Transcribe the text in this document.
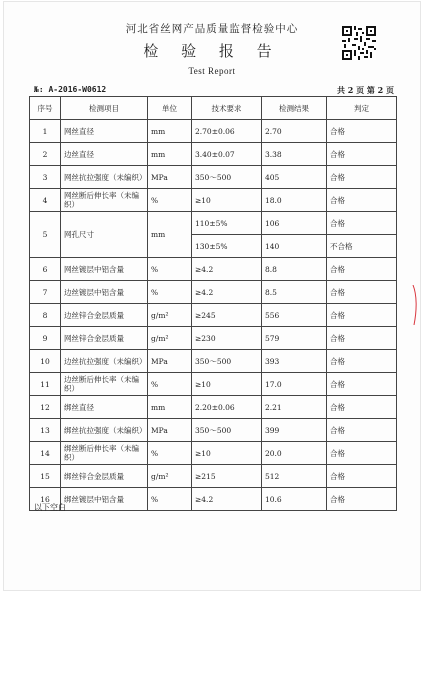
河北省丝网产品质量监督检验中心
检 验 报 告
Test Report
№: A-2016-W0612	共 2 页 第 2 页
序号	检测项目	单位	技术要求	检测结果	判定
1	网丝直径	mm	2.70±0.06	2.70	合格
2	边丝直径	mm	3.40±0.07	3.38	合格
3	网丝抗拉强度（未编织）	MPa	350～500	405	合格
4	网丝断后伸长率（未编织）	%	≥10	18.0	合格
5	网孔尺寸	mm	110±5%	106	合格
			130±5%	140	不合格
6	网丝镀层中铝含量	%	≥4.2	8.8	合格
7	边丝镀层中铝含量	%	≥4.2	8.5	合格
8	边丝锌合金层质量	g/m²	≥245	556	合格
9	网丝锌合金层质量	g/m²	≥230	579	合格
10	边丝抗拉强度（未编织）	MPa	350～500	393	合格
11	边丝断后伸长率（未编织）	%	≥10	17.0	合格
12	绑丝直径	mm	2.20±0.06	2.21	合格
13	绑丝抗拉强度（未编织）	MPa	350～500	399	合格
14	绑丝断后伸长率（未编织）	%	≥10	20.0	合格
15	绑丝锌合金层质量	g/m²	≥215	512	合格
16	绑丝镀层中铝含量	%	≥4.2	10.6	合格
以下空白
